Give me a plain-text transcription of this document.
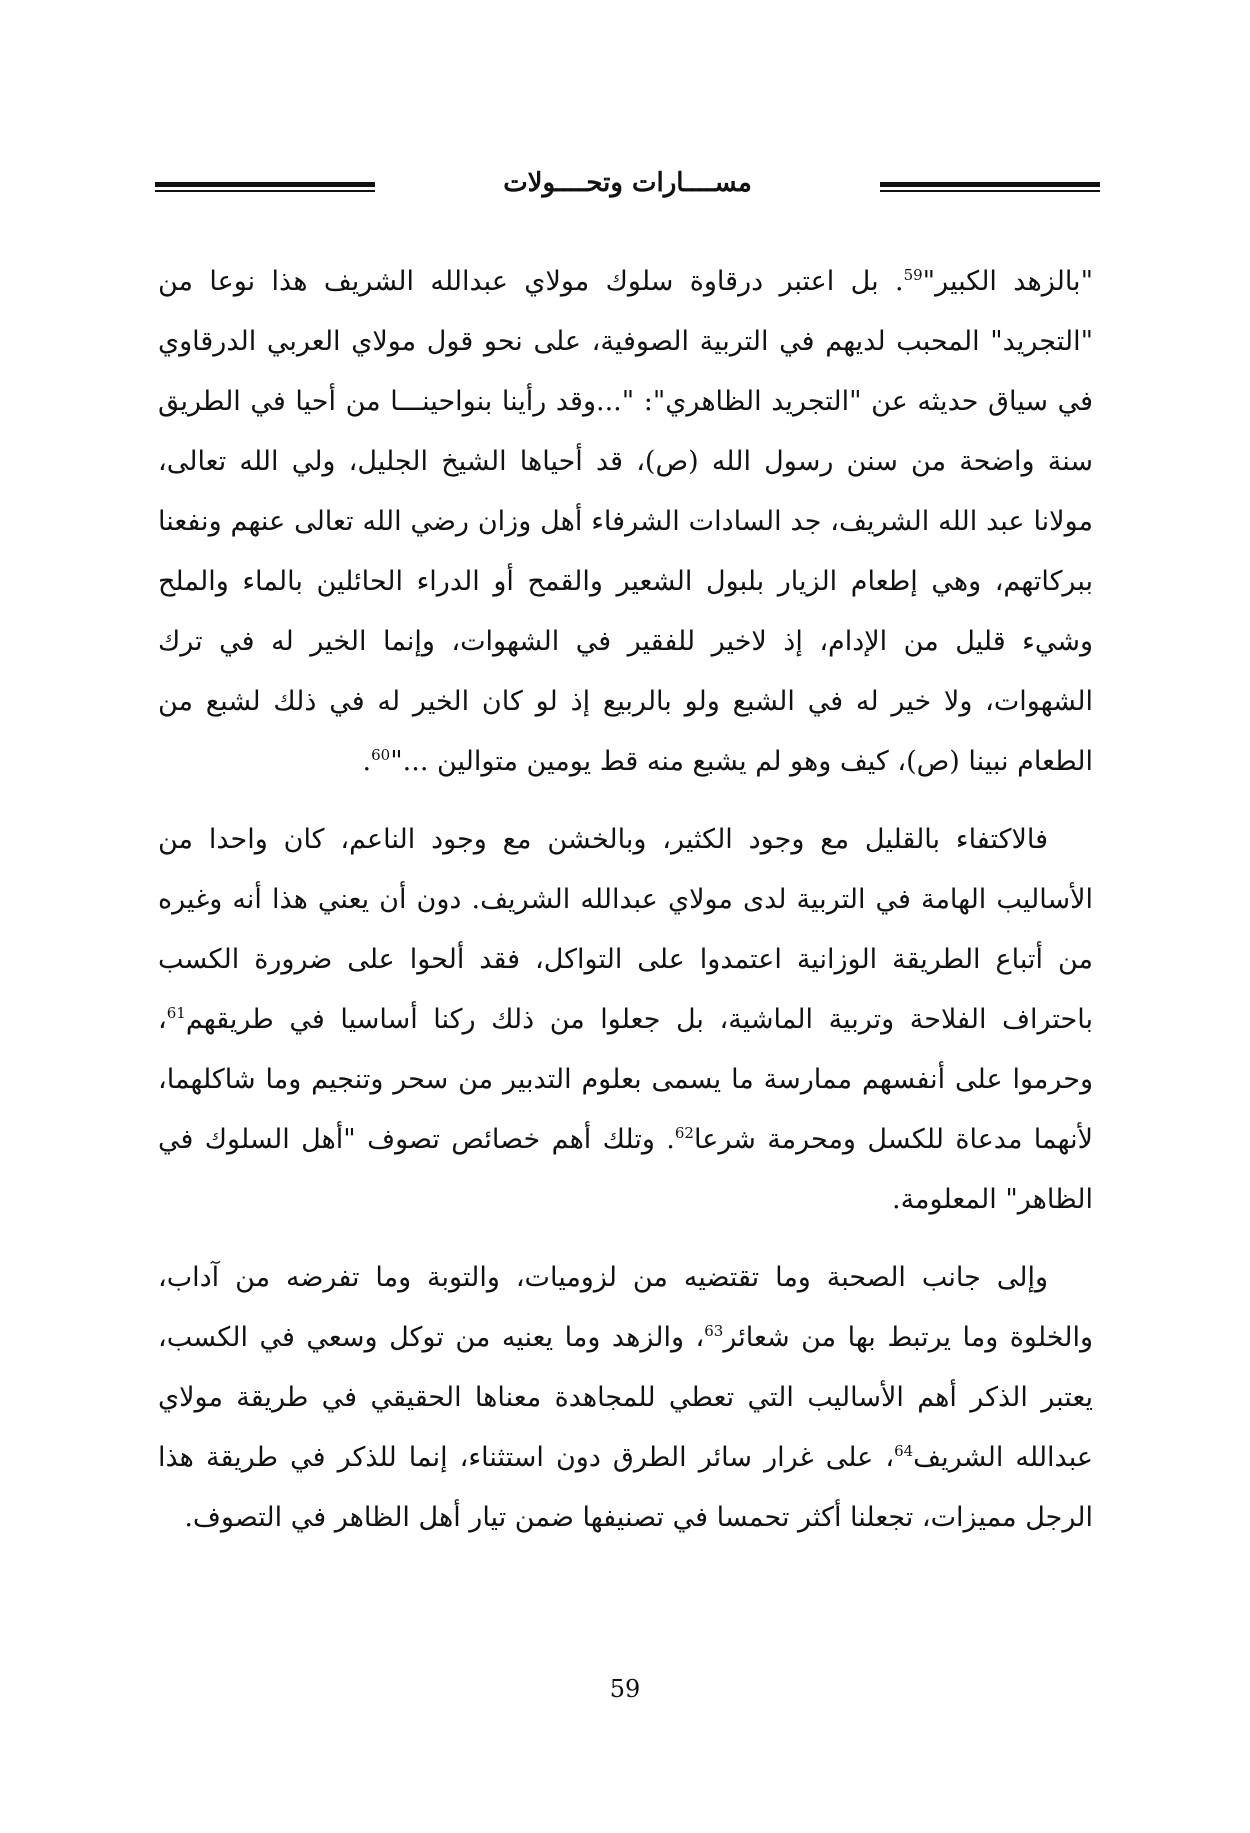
مســــارات وتحــــولات

"بالزهد الكبير"$^{59}$. بل اعتبر درقاوة سلوك مولاي عبدالله الشريف هذا نوعا من "التجريد" المحبب لديهم في التربية الصوفية، على نحو قول مولاي العربي الدرقاوي في سياق حديثه عن "التجريد الظاهري": "...وقد رأينا بنواحينـــا من أحيا في الطريق سنة واضحة من سنن رسول الله (ص)، قد أحياها الشيخ الجليل، ولي الله تعالى، مولانا عبد الله الشريف، جد السادات الشرفاء أهل وزان رضي الله تعالى عنهم ونفعنا ببركاتهم، وهي إطعام الزيار بلبول الشعير والقمح أو الدراء الحائلين بالماء والملح وشيء قليل من الإدام، إذ لاخير للفقير في الشهوات، وإنما الخير له في ترك الشهوات، ولا خير له في الشبع ولو بالربيع إذ لو كان الخير له في ذلك لشبع من الطعام نبينا (ص)، كيف وهو لم يشبع منه قط يومين متوالين ..."$^{60}$.

فالاكتفاء بالقليل مع وجود الكثير، وبالخشن مع وجود الناعم، كان واحدا من الأساليب الهامة في التربية لدى مولاي عبدالله الشريف. دون أن يعني هذا أنه وغيره من أتباع الطريقة الوزانية اعتمدوا على التواكل، فقد ألحوا على ضرورة الكسب باحتراف الفلاحة وتربية الماشية، بل جعلوا من ذلك ركنا أساسيا في طريقهم$^{61}$، وحرموا على أنفسهم ممارسة ما يسمى بعلوم التدبير من سحر وتنجيم وما شاكلهما، لأنهما مدعاة للكسل ومحرمة شرعا$^{62}$. وتلك أهم خصائص تصوف "أهل السلوك في الظاهر" المعلومة.

وإلى جانب الصحبة وما تقتضيه من لزوميات، والتوبة وما تفرضه من آداب، والخلوة وما يرتبط بها من شعائر$^{63}$، والزهد وما يعنيه من توكل وسعي في الكسب، يعتبر الذكر أهم الأساليب التي تعطي للمجاهدة معناها الحقيقي في طريقة مولاي عبدالله الشريف$^{64}$، على غرار سائر الطرق دون استثناء، إنما للذكر في طريقة هذا الرجل مميزات، تجعلنا أكثر تحمسا في تصنيفها ضمن تيار أهل الظاهر في التصوف.

59
